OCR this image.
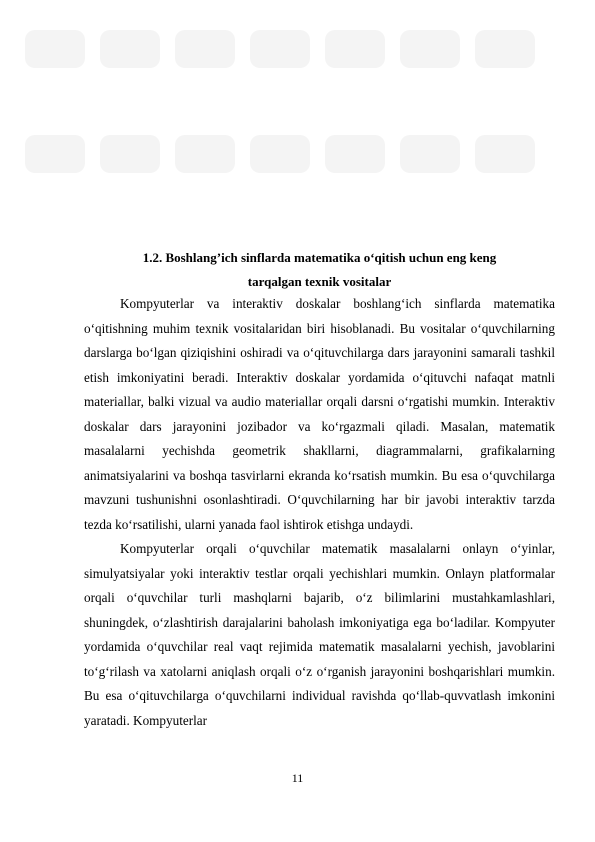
1.2. Boshlang’ich sinflarda matematika o‘qitish uchun eng keng
tarqalgan texnik vositalar

Kompyuterlar va interaktiv doskalar boshlang‘ich sinflarda matematika o‘qitishning muhim texnik vositalaridan biri hisoblanadi. Bu vositalar o‘quvchilarning darslarga bo‘lgan qiziqishini oshiradi va o‘qituvchilarga dars jarayonini samarali tashkil etish imkoniyatini beradi. Interaktiv doskalar yordamida o‘qituvchi nafaqat matnli materiallar, balki vizual va audio materiallar orqali darsni o‘rgatishi mumkin. Interaktiv doskalar dars jarayonini jozibador va ko‘rgazmali qiladi. Masalan, matematik masalalarni yechishda geometrik shakllarni, diagrammalarni, grafikalarning animatsiyalarini va boshqa tasvirlarni ekranda ko‘rsatish mumkin. Bu esa o‘quvchilarga mavzuni tushunishni osonlashtiradi. O‘quvchilarning har bir javobi interaktiv tarzda tezda ko‘rsatilishi, ularni yanada faol ishtirok etishga undaydi.

Kompyuterlar orqali o‘quvchilar matematik masalalarni onlayn o‘yinlar, simulyatsiyalar yoki interaktiv testlar orqali yechishlari mumkin. Onlayn platformalar orqali o‘quvchilar turli mashqlarni bajarib, o‘z bilimlarini mustahkamlashlari, shuningdek, o‘zlashtirish darajalarini baholash imkoniyatiga ega bo‘ladilar. Kompyuter yordamida o‘quvchilar real vaqt rejimida matematik masalalarni yechish, javoblarini to‘g‘rilash va xatolarni aniqlash orqali o‘z o‘rganish jarayonini boshqarishlari mumkin. Bu esa o‘qituvchilarga o‘quvchilarni individual ravishda qo‘llab-quvvatlash imkonini yaratadi. Kompyuterlar

11
